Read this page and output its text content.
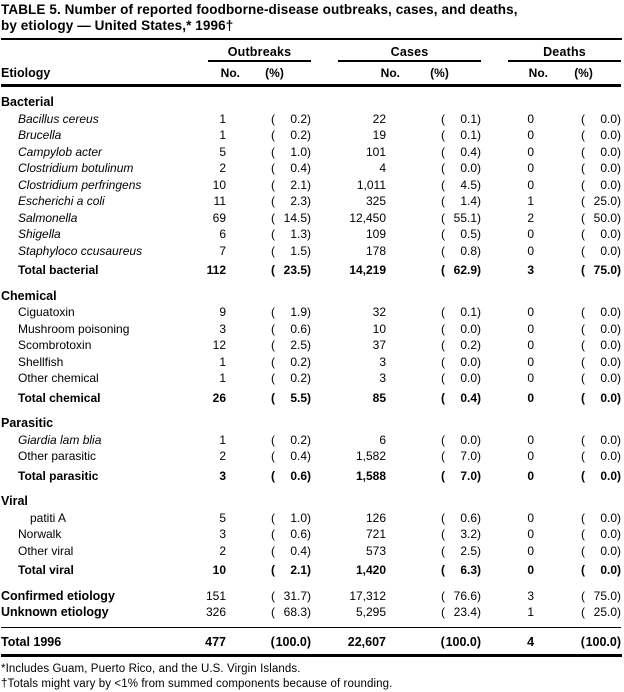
TABLE 5. Number of reported foodborne-disease outbreaks, cases, and deaths,
by etiology — United States,* 1996†

	Outbreaks		Cases		Deaths	

Etiology	No.	(%)	No.	(%)	No.	(%)
Bacterial						
Bacillus cereus	1	( 0.2)	22	( 0.1)	0	( 0.0)
Brucella	1	( 0.2)	19	( 0.1)	0	( 0.0)
Campylob acter	5	( 1.0)	101	( 0.4)	0	( 0.0)
Clostridium botulinum	2	( 0.4)	4	( 0.0)	0	( 0.0)
Clostridium perfringens	10	( 2.1)	1,011	( 4.5)	0	( 0.0)
Escherichi a coli	11	( 2.3)	325	( 1.4)	1	( 25.0)
Salmonella	69	( 14.5)	12,450	( 55.1)	2	( 50.0)
Shigella	6	( 1.3)	109	( 0.5)	0	( 0.0)
Staphyloco ccusaureus	7	( 1.5)	178	( 0.8)	0	( 0.0)
Total bacterial	112	( 23.5)	14,219	( 62.9)	3	( 75.0)
Chemical						
Ciguatoxin	9	( 1.9)	32	( 0.1)	0	( 0.0)
Mushroom poisoning	3	( 0.6)	10	( 0.0)	0	( 0.0)
Scombrotoxin	12	( 2.5)	37	( 0.2)	0	( 0.0)
Shellfish	1	( 0.2)	3	( 0.0)	0	( 0.0)
Other chemical	1	( 0.2)	3	( 0.0)	0	( 0.0)
Total chemical	26	( 5.5)	85	( 0.4)	0	( 0.0)
Parasitic						
Giardia lam blia	1	( 0.2)	6	( 0.0)	0	( 0.0)
Other parasitic	2	( 0.4)	1,582	( 7.0)	0	( 0.0)
Total parasitic	3	( 0.6)	1,588	( 7.0)	0	( 0.0)
Viral						
patiti A	5	( 1.0)	126	( 0.6)	0	( 0.0)
Norwalk	3	( 0.6)	721	( 3.2)	0	( 0.0)
Other viral	2	( 0.4)	573	( 2.5)	0	( 0.0)
Total viral	10	( 2.1)	1,420	( 6.3)	0	( 0.0)
Confirmed etiology	151	( 31.7)	17,312	( 76.6)	3	( 75.0)
Unknown etiology	326	( 68.3)	5,295	( 23.4)	1	( 25.0)
Total 1996	477	(100.0)	22,607	(100.0)	4	(100.0)
*Includes Guam, Puerto Rico, and the U.S. Virgin Islands.
†Totals might vary by <1% from summed components because of rounding.
